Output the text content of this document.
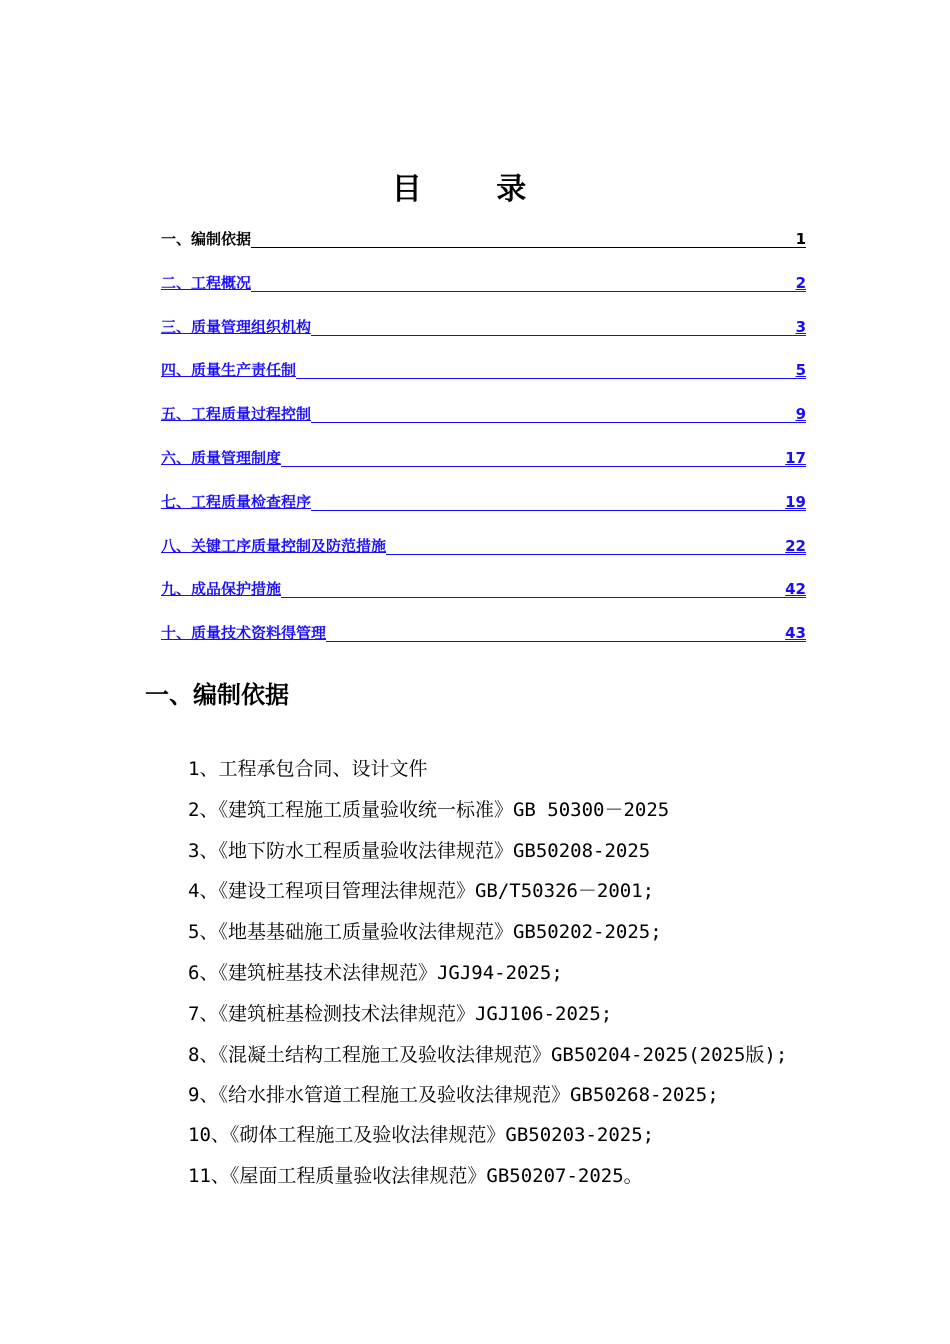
目 录
一、编制依据	1
二、工程概况	2
三、质量管理组织机构	3
四、质量生产责任制	5
五、工程质量过程控制	9
六、质量管理制度	17
七、工程质量检查程序	19
八、关键工序质量控制及防范措施	22
九、成品保护措施	42
十、质量技术资料得管理	43
一、编制依据
1、工程承包合同、设计文件
2、《建筑工程施工质量验收统一标准》GB 50300－2025
3、《地下防水工程质量验收法律规范》GB50208-2025
4、《建设工程项目管理法律规范》GB/T50326－2001;
5、《地基基础施工质量验收法律规范》GB50202-2025;
6、《建筑桩基技术法律规范》JGJ94-2025;
7、《建筑桩基检测技术法律规范》JGJ106-2025;
8、《混凝土结构工程施工及验收法律规范》GB50204-2025(2025版);
9、《给水排水管道工程施工及验收法律规范》GB50268-2025;
10、《砌体工程施工及验收法律规范》GB50203-2025;
11、《屋面工程质量验收法律规范》GB50207-2025。
